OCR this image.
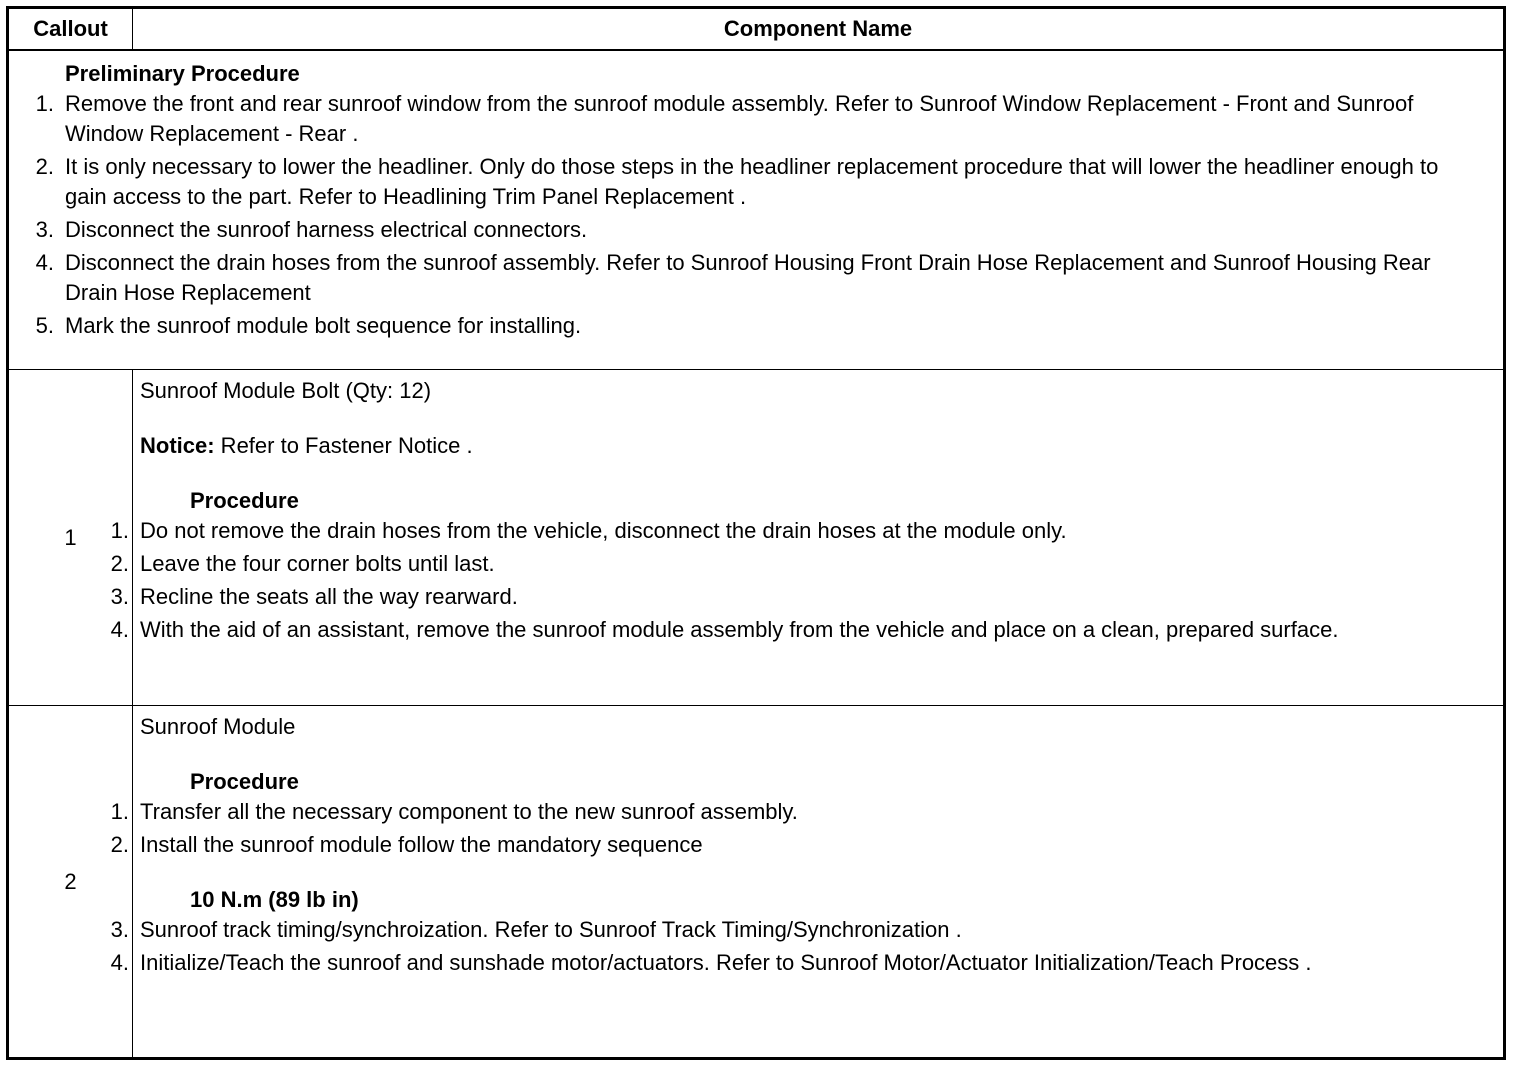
Callout	Component Name
Preliminary Procedure
1. Remove the front and rear sunroof window from the sunroof module assembly. Refer to Sunroof Window Replacement - Front and Sunroof Window Replacement - Rear .
2. It is only necessary to lower the headliner. Only do those steps in the headliner replacement procedure that will lower the headliner enough to gain access to the part. Refer to Headlining Trim Panel Replacement .
3. Disconnect the sunroof harness electrical connectors.
4. Disconnect the drain hoses from the sunroof assembly. Refer to Sunroof Housing Front Drain Hose Replacement and Sunroof Housing Rear Drain Hose Replacement
5. Mark the sunroof module bolt sequence for installing.
1
Sunroof Module Bolt (Qty: 12)
Notice: Refer to Fastener Notice .
Procedure
1. Do not remove the drain hoses from the vehicle, disconnect the drain hoses at the module only.
2. Leave the four corner bolts until last.
3. Recline the seats all the way rearward.
4. With the aid of an assistant, remove the sunroof module assembly from the vehicle and place on a clean, prepared surface.
2
Sunroof Module
Procedure
1. Transfer all the necessary component to the new sunroof assembly.
2. Install the sunroof module follow the mandatory sequence
10 N.m (89 lb in)
3. Sunroof track timing/synchroization. Refer to Sunroof Track Timing/Synchronization .
4. Initialize/Teach the sunroof and sunshade motor/actuators. Refer to Sunroof Motor/Actuator Initialization/Teach Process .
